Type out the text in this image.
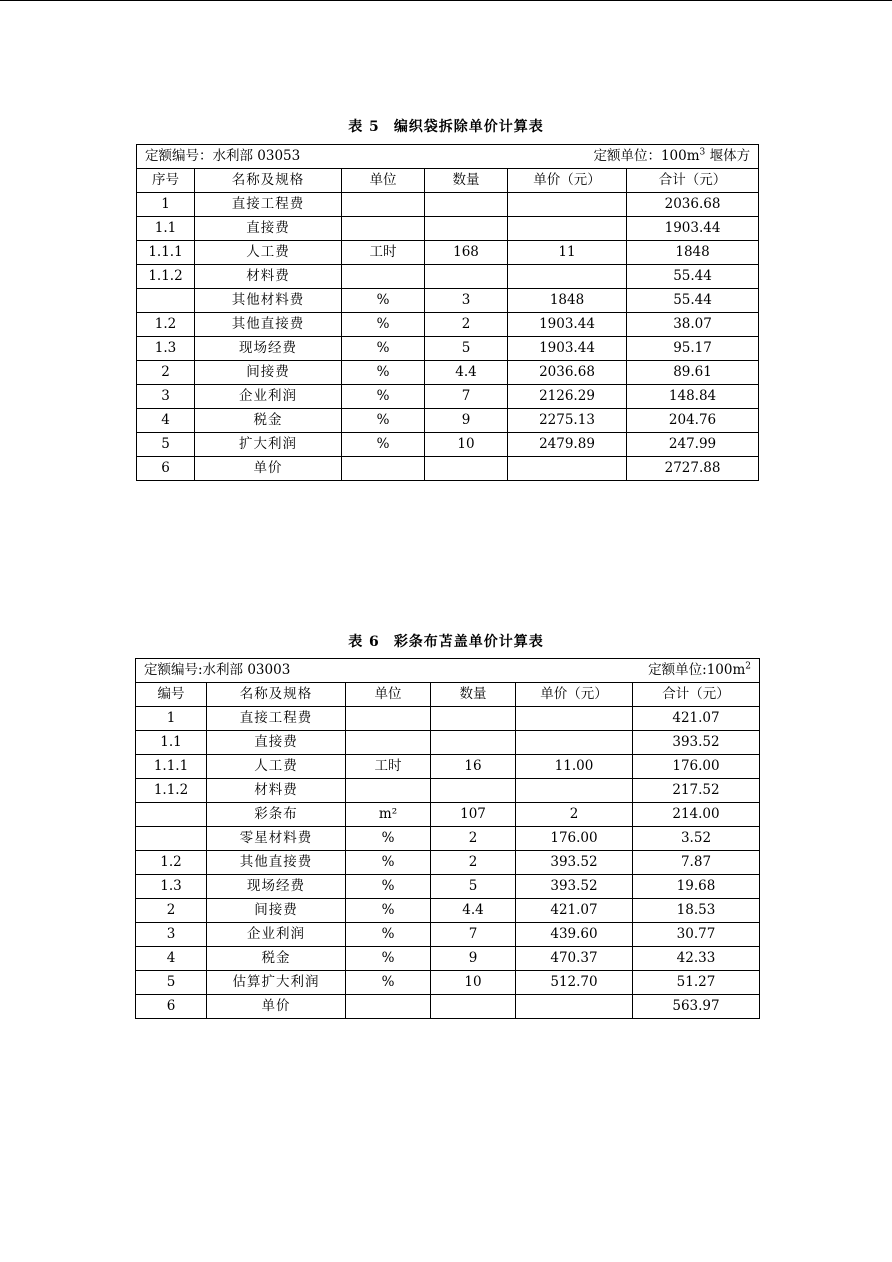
表 5 编织袋拆除单价计算表
定额编号：水利部 03053 定额单位：$100m^3$ 堰体方					

序号	名称及规格	单位	数量	单价（元）	合计（元）
1	直接工程费				2036.68
1.1	直接费				1903.44
1.1.1	人工费	工时	168	11	1848
1.1.2	材料费				55.44
	其他材料费	%	3	1848	55.44
1.2	其他直接费	%	2	1903.44	38.07
1.3	现场经费	%	5	1903.44	95.17
2	间接费	%	4.4	2036.68	89.61
3	企业利润	%	7	2126.29	148.84
4	税金	%	9	2275.13	204.76
5	扩大利润	%	10	2479.89	247.99
6	单价				2727.88
表 6 彩条布苫盖单价计算表
定额编号:水利部 03003 定额单位$:100m^2$

编号	名称及规格	单位	数量	单价（元）	合计（元）
1	直接工程费				421.07
1.1	直接费				393.52
1.1.1	人工费	工时	16	11.00	176.00
1.1.2	材料费				217.52
	彩条布	m²	107	2	214.00
	零星材料费	%	2	176.00	3.52
1.2	其他直接费	%	2	393.52	7.87
1.3	现场经费	%	5	393.52	19.68
2	间接费	%	4.4	421.07	18.53
3	企业利润	%	7	439.60	30.77
4	税金	%	9	470.37	42.33
5	估算扩大利润	%	10	512.70	51.27
6	单价				563.97
